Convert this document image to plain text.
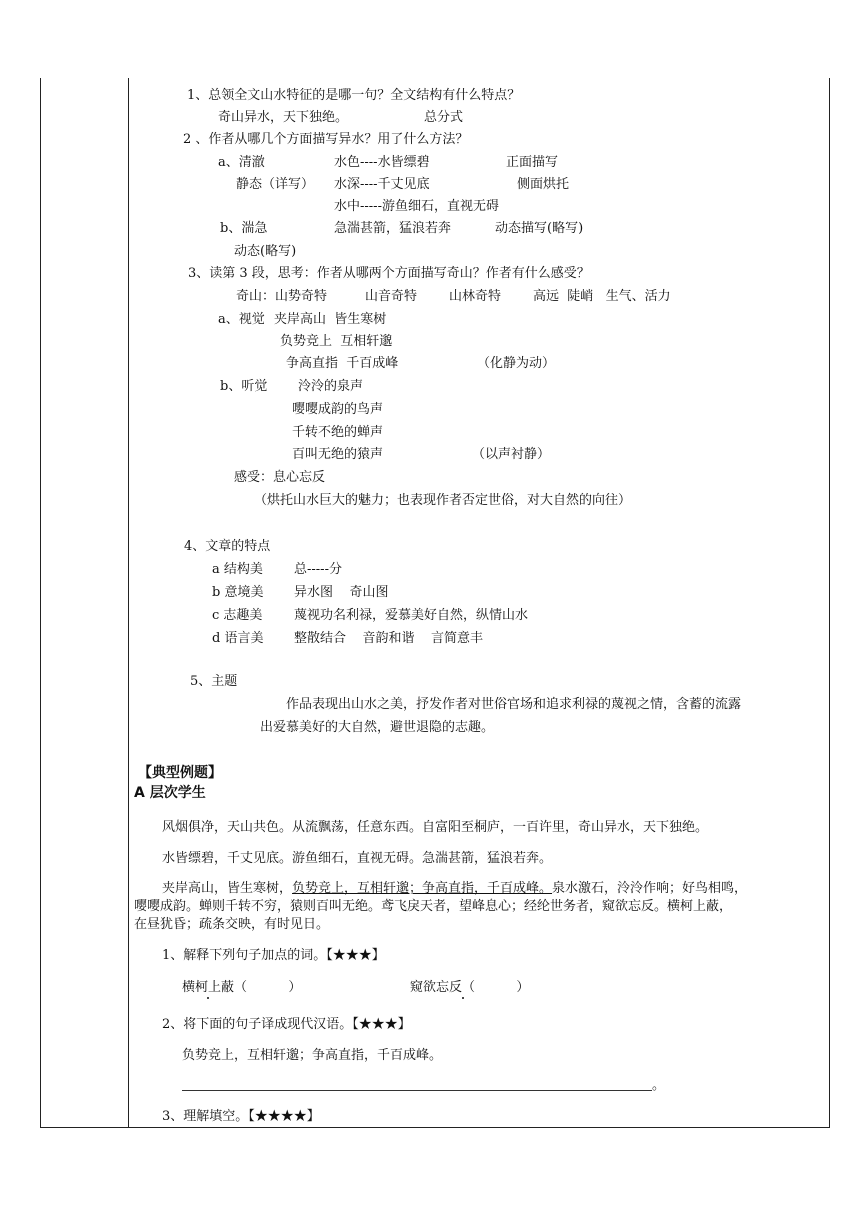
1、总领全文山水特征的是哪一句？全文结构有什么特点？
奇山异水，天下独绝。	总分式
2 、作者从哪几个方面描写异水？用了什么方法？
a、清澈	水色----水皆缥碧	正面描写
静态（详写） 水深----千丈见底	侧面烘托
水中-----游鱼细石，直视无碍
b、湍急	急湍甚箭，猛浪若奔	动态描写(略写)
动态(略写)
3、读第 3 段，思考：作者从哪两个方面描写奇山？作者有什么感受？
奇山：山势奇特	山音奇特 山林奇特 高远  陡峭   生气、活力
a、视觉 夹岸高山  皆生寒树
负势竞上  互相轩邈
争高直指  千百成峰	（化静为动）
b、听觉 泠泠的泉声
嘤嘤成韵的鸟声
千转不绝的蝉声
百叫无绝的猿声	（以声衬静）
感受：息心忘反
（烘托山水巨大的魅力；也表现作者否定世俗，对大自然的向往）
4、文章的特点
a 结构美 总-----分
b 意境美 异水图    奇山图
c 志趣美 蔑视功名利禄，爱慕美好自然，纵情山水
d 语言美 整散结合    音韵和谐    言简意丰
5、主题
作品表现出山水之美，抒发作者对世俗官场和追求利禄的蔑视之情，含蓄的流露
出爱慕美好的大自然，避世退隐的志趣。
【典型例题】
A 层次学生
风烟俱净，天山共色。从流飘荡，任意东西。自富阳至桐庐，一百许里，奇山异水，天下独绝。
水皆缥碧，千丈见底。游鱼细石，直视无碍。急湍甚箭，猛浪若奔。
夹岸高山，皆生寒树，负势竞上，互相轩邈；争高直指，千百成峰。泉水激石，泠泠作响；好鸟相鸣，
嘤嘤成韵。蝉则千转不穷，猿则百叫无绝。鸢飞戾天者，望峰息心；经纶世务者，窥欲忘反。横柯上蔽，
在昼犹昏；疏条交映，有时见日。
1、解释下列句子加点的词。【★★★】
横柯上蔽（          ）	窥欲忘反（          ）
2、将下面的句子译成现代汉语。【★★★】
负势竞上，互相轩邈；争高直指，千百成峰。
。
3、理解填空。【★★★★】
